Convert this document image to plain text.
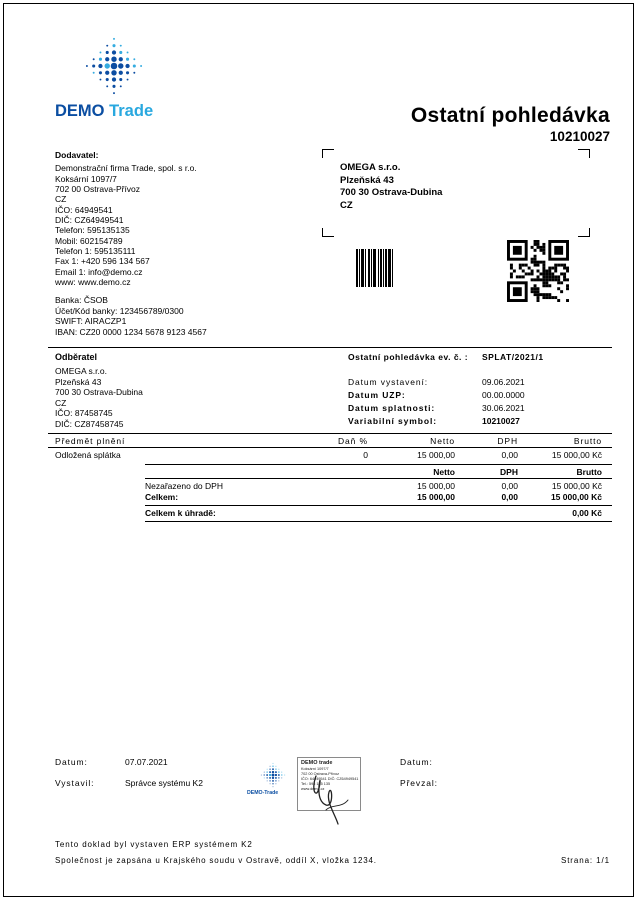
DEMO Trade	Ostatní pohledávka
10210027
Dodavatel:
Demonstrační firma Trade, spol. s r.o.
Koksární 1097/7
702 00 Ostrava-Přívoz
CZ
IČO: 64949541
DIČ: CZ64949541
Telefon: 595135135
Mobil: 602154789
Telefon 1: 595135111
Fax 1: +420 596 134 567
Email 1: info@demo.cz
www: www.demo.cz
Banka: ČSOB
Účet/Kód banky: 123456789/0300
SWIFT: AIRACZP1
IBAN: CZ20 0000 1234 5678 9123 4567
OMEGA s.r.o.
Plzeňská 43
700 30 Ostrava-Dubina
CZ
Odběratel
OMEGA s.r.o.
Plzeňská 43
700 30 Ostrava-Dubina
CZ
IČO: 87458745
DIČ: CZ87458745
Ostatní pohledávka ev. č. : SPLAT/2021/1
Datum vystavení:	09.06.2021
Datum UZP:	00.00.0000
Datum splatnosti:	30.06.2021
Variabilní symbol:	10210027
Předmět plnění	Daň %	Netto	DPH	Brutto
Odložená splátka	0	15 000,00	0,00	15 000,00 Kč
Netto	DPH	Brutto
Nezařazeno do DPH	15 000,00	0,00	15 000,00 Kč
Celkem:	15 000,00	0,00	15 000,00 Kč
Celkem k úhradě:	0,00 Kč
Datum:	07.07.2021
Vystavil:	Správce systému K2
DEMO-Trade
DEMO trade
Koksární 1097/7
702 00 Ostrava-Přívoz
IČO: 64949541 DIČ: CZ64949541
Tel.: 595 135 135
www.demo.cz
Datum:
Převzal:
Tento doklad byl vystaven ERP systémem K2
Společnost je zapsána u Krajského soudu v Ostravě, oddíl X, vložka 1234.	Strana: 1/1
